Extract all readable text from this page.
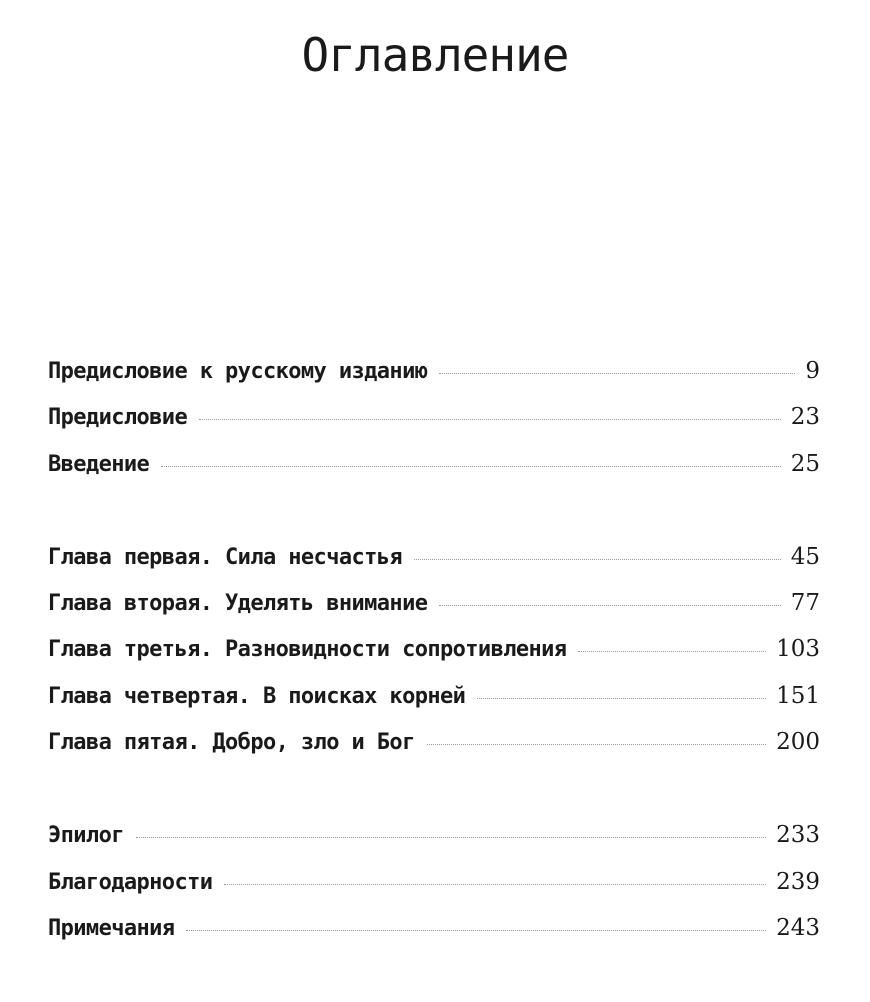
Оглавление
Предисловие к русскому изданию	9
Предисловие	23
Введение	25
Глава первая. Сила несчастья	45
Глава вторая. Уделять внимание	77
Глава третья. Разновидности сопротивления	103
Глава четвертая. В поисках корней	151
Глава пятая. Добро, зло и Бог	200
Эпилог	233
Благодарности	239
Примечания	243
